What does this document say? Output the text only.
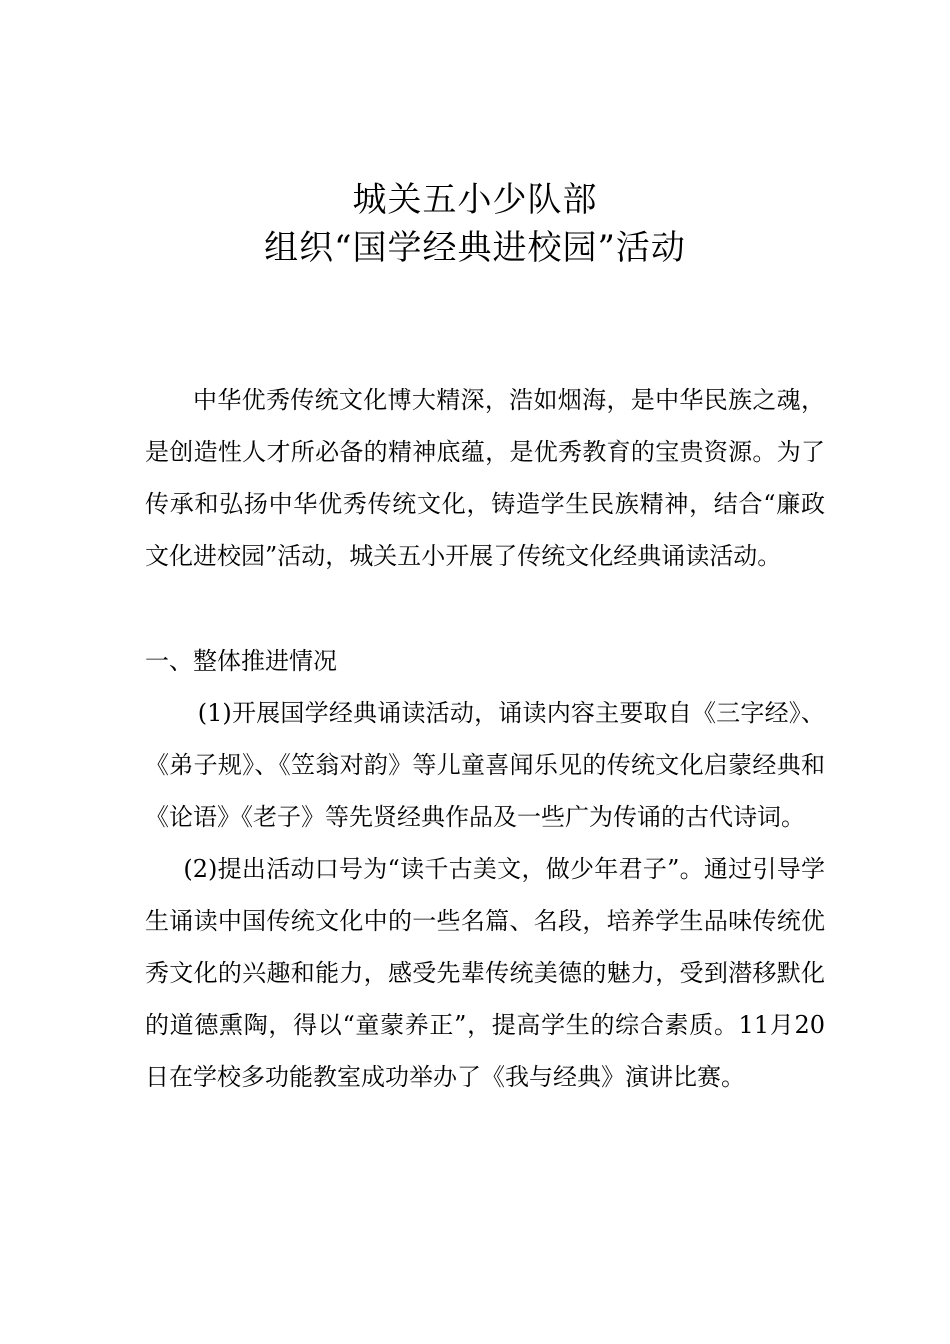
城关五小少队部
组织“国学经典进校园”活动

中华优秀传统文化博大精深，浩如烟海，是中华民族之魂，是创造性人才所必备的精神底蕴，是优秀教育的宝贵资源。为了传承和弘扬中华优秀传统文化，铸造学生民族精神，结合“廉政文化进校园”活动，城关五小开展了传统文化经典诵读活动。

一、整体推进情况

(1)开展国学经典诵读活动，诵读内容主要取自《三字经》、《弟子规》、《笠翁对韵》等儿童喜闻乐见的传统文化启蒙经典和《论语》《老子》等先贤经典作品及一些广为传诵的古代诗词。

(2)提出活动口号为“读千古美文，做少年君子”。通过引导学生诵读中国传统文化中的一些名篇、名段，培养学生品味传统优秀文化的兴趣和能力，感受先辈传统美德的魅力，受到潜移默化的道德熏陶，得以“童蒙养正”，提高学生的综合素质。11月20日在学校多功能教室成功举办了《我与经典》演讲比赛。
